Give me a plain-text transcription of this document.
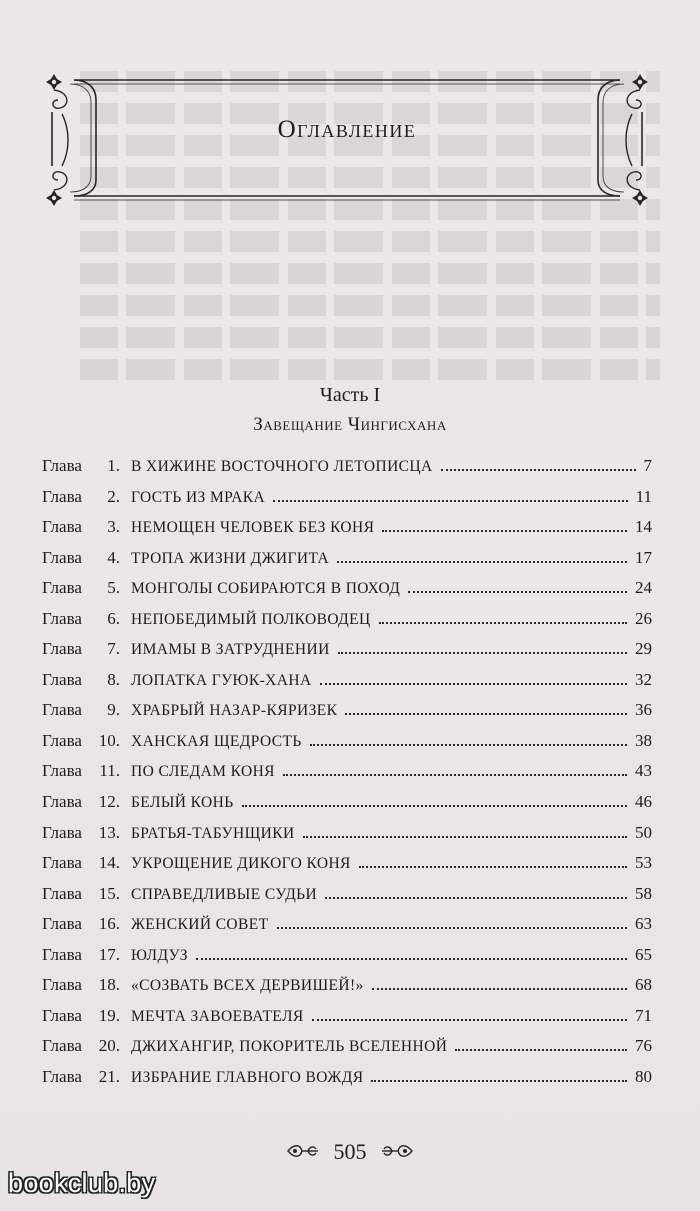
Оглавление
Часть I
Завещание Чингисхана
Глава 1. В ХИЖИНЕ ВОСТОЧНОГО ЛЕТОПИСЦА	7
Глава 2. ГОСТЬ ИЗ МРАКА	11
Глава 3. НЕМОЩЕН ЧЕЛОВЕК БЕЗ КОНЯ	14
Глава 4. ТРОПА ЖИЗНИ ДЖИГИТА	17
Глава 5. МОНГОЛЫ СОБИРАЮТСЯ В ПОХОД	24
Глава 6. НЕПОБЕДИМЫЙ ПОЛКОВОДЕЦ	26
Глава 7. ИМАМЫ В ЗАТРУДНЕНИИ	29
Глава 8. ЛОПАТКА ГУЮК-ХАНА	32
Глава 9. ХРАБРЫЙ НАЗАР-КЯРИЗЕК	36
Глава 10. ХАНСКАЯ ЩЕДРОСТЬ	38
Глава 11. ПО СЛЕДАМ КОНЯ	43
Глава 12. БЕЛЫЙ КОНЬ	46
Глава 13. БРАТЬЯ-ТАБУНЩИКИ	50
Глава 14. УКРОЩЕНИЕ ДИКОГО КОНЯ	53
Глава 15. СПРАВЕДЛИВЫЕ СУДЬИ	58
Глава 16. ЖЕНСКИЙ СОВЕТ	63
Глава 17. ЮЛДУЗ	65
Глава 18. «СОЗВАТЬ ВСЕХ ДЕРВИШЕЙ!»	68
Глава 19. МЕЧТА ЗАВОЕВАТЕЛЯ	71
Глава 20. ДЖИХАНГИР, ПОКОРИТЕЛЬ ВСЕЛЕННОЙ	76
Глава 21. ИЗБРАНИЕ ГЛАВНОГО ВОЖДЯ	80
505
bookclub.by
